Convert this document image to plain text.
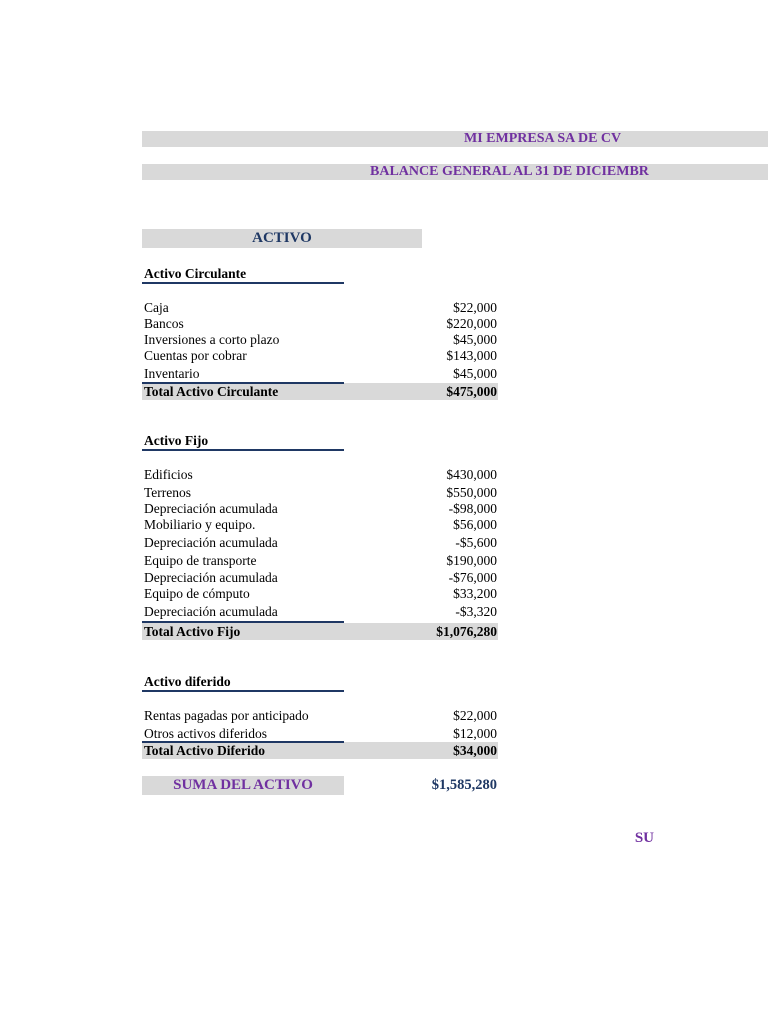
MI EMPRESA SA DE CV
BALANCE GENERAL AL 31 DE DICIEMBR
ACTIVO
Activo Circulante
Caja	$22,000
Bancos	$220,000
Inversiones a corto plazo	$45,000
Cuentas por cobrar	$143,000
Inventario	$45,000
Total Activo Circulante	$475,000
Activo Fijo
Edificios	$430,000
Terrenos	$550,000
Depreciación acumulada	-$98,000
Mobiliario y equipo.	$56,000
Depreciación acumulada	-$5,600
Equipo de transporte	$190,000
Depreciación acumulada	-$76,000
Equipo de cómputo	$33,200
Depreciación acumulada	-$3,320
Total Activo Fijo	$1,076,280
Activo diferido
Rentas pagadas por anticipado	$22,000
Otros activos diferidos	$12,000
Total Activo Diferido	$34,000
SUMA DEL ACTIVO	$1,585,280
SU
